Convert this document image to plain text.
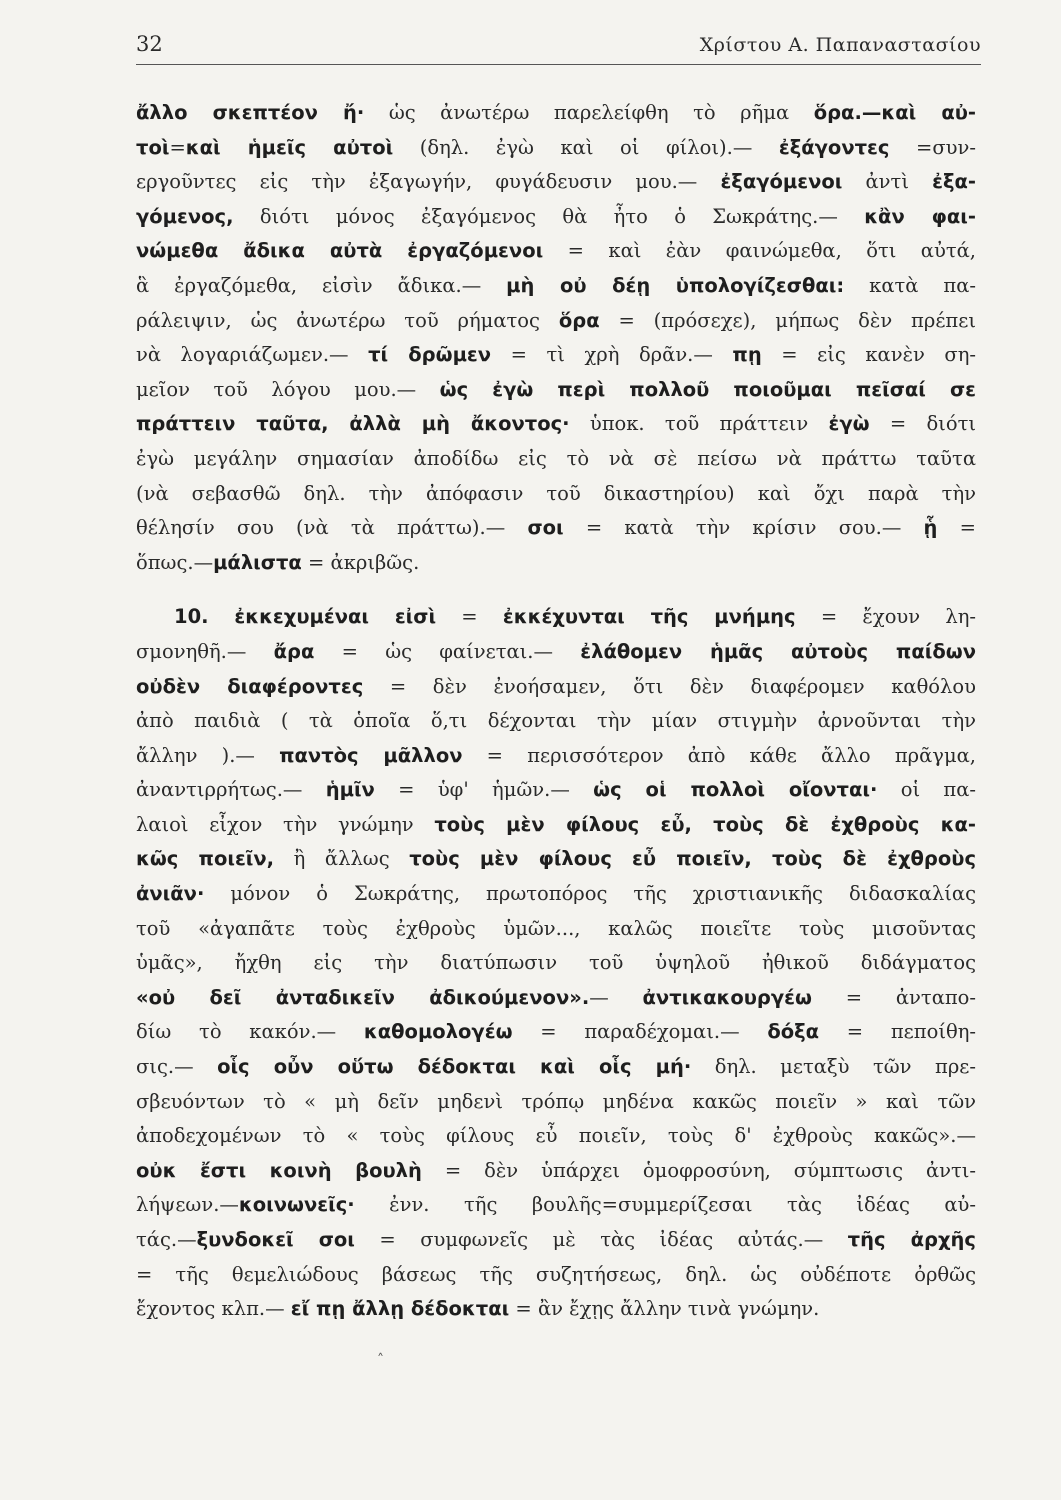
32	Χρίστου Α. Παπαναστασίου
ἄλλο σκεπτέον ἤ· ὡς ἀνωτέρω παρελείφθη τὸ ρῆμα ὅρα.—καὶ αὐ-
τοὶ=καὶ ἡμεῖς αὐτοὶ (δηλ. ἐγὼ καὶ οἱ φίλοι).— ἐξάγοντες =συν-
εργοῦντες εἰς τὴν ἐξαγωγήν, φυγάδευσιν μου.— ἐξαγόμενοι ἀντὶ ἐξα-
γόμενος, διότι μόνος ἐξαγόμενος θὰ ἦτο ὁ Σωκράτης.— κἂν φαι-
νώμεθα ἄδικα αὐτὰ ἐργαζόμενοι = καὶ ἐὰν φαινώμεθα, ὅτι αὐτά,
ἃ ἐργαζόμεθα, εἰσὶν ἄδικα.— μὴ οὐ δέῃ ὑπολογίζεσθαι: κατὰ πα-
ράλειψιν, ὡς ἀνωτέρω τοῦ ρήματος ὅρα = (πρόσεχε), μήπως δὲν πρέπει
νὰ λογαριάζωμεν.— τί δρῶμεν = τὶ χρὴ δρᾶν.— πῃ = εἰς κανὲν ση-
μεῖον τοῦ λόγου μου.— ὡς ἐγὼ περὶ πολλοῦ ποιοῦμαι πεῖσαί σε
πράττειν ταῦτα, ἀλλὰ μὴ ἄκοντος· ὑποκ. τοῦ πράττειν ἐγὼ = διότι
ἐγὼ μεγάλην σημασίαν ἀποδίδω εἰς τὸ νὰ σὲ πείσω νὰ πράττω ταῦτα
(νὰ σεβασθῶ δηλ. τὴν ἀπόφασιν τοῦ δικαστηρίου) καὶ ὄχι παρὰ τὴν
θέλησίν σου (νὰ τὰ πράττω).— σοι = κατὰ τὴν κρίσιν σου.— ᾗ =
ὅπως.—μάλιστα = ἀκριβῶς.
10. ἐκκεχυμέναι εἰσὶ = ἐκκέχυνται τῆς μνήμης = ἔχουν λη-
σμονηθῆ.— ἄρα = ὡς φαίνεται.— ἐλάθομεν ἡμᾶς αὐτοὺς παίδων
οὐδὲν διαφέροντες = δὲν ἐνοήσαμεν, ὅτι δὲν διαφέρομεν καθόλου
ἀπὸ παιδιὰ ( τὰ ὁποῖα ὅ,τι δέχονται τὴν μίαν στιγμὴν ἀρνοῦνται τὴν
ἄλλην ).— παντὸς μᾶλλον = περισσότερον ἀπὸ κάθε ἄλλο πρᾶγμα,
ἀναντιρρήτως.— ἡμῖν = ὑφ' ἡμῶν.— ὡς οἱ πολλοὶ οἴονται· οἱ πα-
λαιοὶ εἶχον τὴν γνώμην τοὺς μὲν φίλους εὖ, τοὺς δὲ ἐχθροὺς κα-
κῶς ποιεῖν, ἢ ἄλλως τοὺς μὲν φίλους εὖ ποιεῖν, τοὺς δὲ ἐχθροὺς
ἀνιᾶν· μόνον ὁ Σωκράτης, πρωτοπόρος τῆς χριστιανικῆς διδασκαλίας
τοῦ «ἀγαπᾶτε τοὺς ἐχθροὺς ὑμῶν..., καλῶς ποιεῖτε τοὺς μισοῦντας
ὑμᾶς», ἤχθη εἰς τὴν διατύπωσιν τοῦ ὑψηλοῦ ἠθικοῦ διδάγματος
«οὐ δεῖ ἀνταδικεῖν ἀδικούμενον».— ἀντικακουργέω = ἀνταπο-
δίω τὸ κακόν.— καθομολογέω = παραδέχομαι.— δόξα = πεποίθη-
σις.— οἷς οὖν οὕτω δέδοκται καὶ οἷς μή· δηλ. μεταξὺ τῶν πρε-
σβευόντων τὸ « μὴ δεῖν μηδενὶ τρόπῳ μηδένα κακῶς ποιεῖν » καὶ τῶν
ἀποδεχομένων τὸ « τοὺς φίλους εὖ ποιεῖν, τοὺς δ' ἐχθροὺς κακῶς».—
οὐκ ἔστι κοινὴ βουλὴ = δὲν ὑπάρχει ὁμοφροσύνη, σύμπτωσις ἀντι-
λήψεων.—κοινωνεῖς· ἐνν. τῆς βουλῆς=συμμερίζεσαι τὰς ἰδέας αὐ-
τάς.—ξυνδοκεῖ σοι = συμφωνεῖς μὲ τὰς ἰδέας αὐτάς.— τῆς ἀρχῆς
= τῆς θεμελιώδους βάσεως τῆς συζητήσεως, δηλ. ὡς οὐδέποτε ὀρθῶς
ἔχοντος κλπ.— εἴ πῃ ἄλλῃ δέδοκται = ἂν ἔχῃς ἄλλην τινὰ γνώμην.
˄
